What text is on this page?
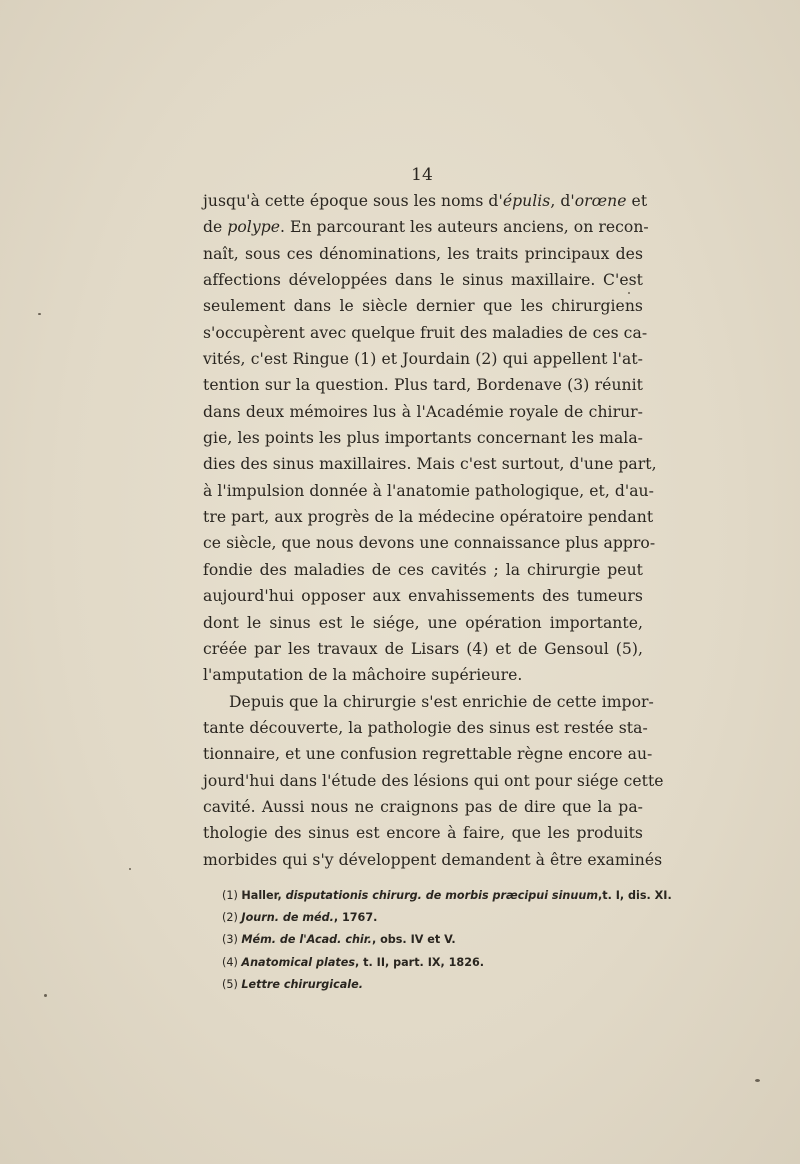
14
jusqu'à cette époque sous les noms d'épulis, d'orœne et
de polype. En parcourant les auteurs anciens, on recon-
naît, sous ces dénominations, les traits principaux des
affections développées dans le sinus maxillaire. C'est
seulement dans le siècle dernier que les chirurgiens
s'occupèrent avec quelque fruit des maladies de ces ca-
vités, c'est Ringue (1) et Jourdain (2) qui appellent l'at-
tention sur la question. Plus tard, Bordenave (3) réunit
dans deux mémoires lus à l'Académie royale de chirur-
gie, les points les plus importants concernant les mala-
dies des sinus maxillaires. Mais c'est surtout, d'une part,
à l'impulsion donnée à l'anatomie pathologique, et, d'au-
tre part, aux progrès de la médecine opératoire pendant
ce siècle, que nous devons une connaissance plus appro-
fondie des maladies de ces cavités ; la chirurgie peut
aujourd'hui opposer aux envahissements des tumeurs
dont le sinus est le siége, une opération importante,
créée par les travaux de Lisars (4) et de Gensoul (5),
l'amputation de la mâchoire supérieure.
Depuis que la chirurgie s'est enrichie de cette impor-
tante découverte, la pathologie des sinus est restée sta-
tionnaire, et une confusion regrettable règne encore au-
jourd'hui dans l'étude des lésions qui ont pour siége cette
cavité. Aussi nous ne craignons pas de dire que la pa-
thologie des sinus est encore à faire, que les produits
morbides qui s'y développent demandent à être examinés
(1) Haller, disputationis chirurg. de morbis præcipui sinuum,t. I, dis. XI.
(2) Journ. de méd., 1767.
(3) Mém. de l'Acad. chir., obs. IV et V.
(4) Anatomical plates, t. II, part. IX, 1826.
(5) Lettre chirurgicale.
